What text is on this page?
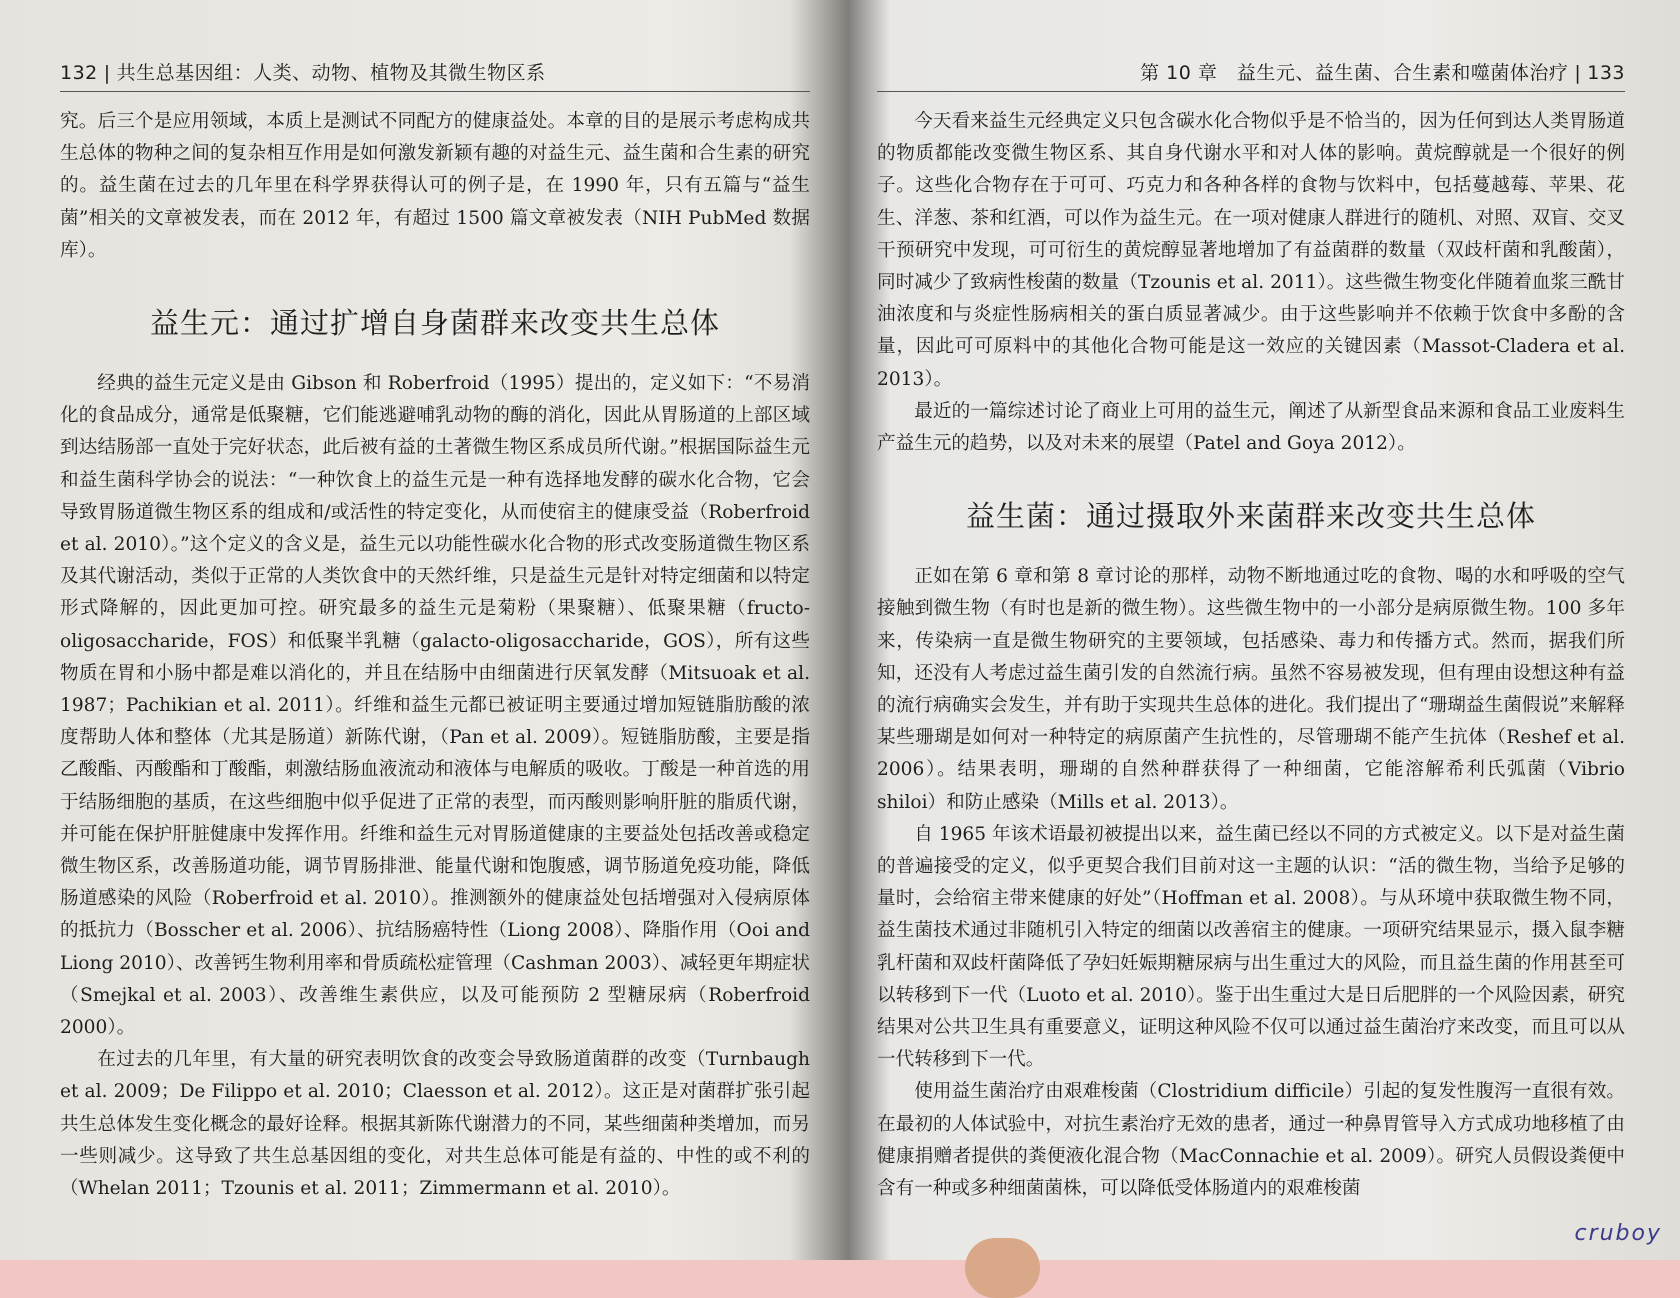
132 | 共生总基因组：人类、动物、植物及其微生物区系

究。后三个是应用领域，本质上是测试不同配方的健康益处。本章的目的是展示考虑构成共生总体的物种之间的复杂相互作用是如何激发新颖有趣的对益生元、益生菌和合生素的研究的。益生菌在过去的几年里在科学界获得认可的例子是，在 1990 年，只有五篇与“益生菌”相关的文章被发表，而在 2012 年，有超过 1500 篇文章被发表（NIH PubMed 数据库）。

益生元：通过扩增自身菌群来改变共生总体

经典的益生元定义是由 Gibson 和 Roberfroid（1995）提出的，定义如下：“不易消化的食品成分，通常是低聚糖，它们能逃避哺乳动物的酶的消化，因此从胃肠道的上部区域到达结肠部一直处于完好状态，此后被有益的土著微生物区系成员所代谢。”根据国际益生元和益生菌科学协会的说法：“一种饮食上的益生元是一种有选择地发酵的碳水化合物，它会导致胃肠道微生物区系的组成和/或活性的特定变化，从而使宿主的健康受益（Roberfroid et al. 2010）。”这个定义的含义是，益生元以功能性碳水化合物的形式改变肠道微生物区系及其代谢活动，类似于正常的人类饮食中的天然纤维，只是益生元是针对特定细菌和以特定形式降解的，因此更加可控。研究最多的益生元是菊粉（果聚糖）、低聚果糖（fructo-oligosaccharide，FOS）和低聚半乳糖（galacto-oligosaccharide，GOS），所有这些物质在胃和小肠中都是难以消化的，并且在结肠中由细菌进行厌氧发酵（Mitsuoak et al. 1987；Pachikian et al. 2011）。纤维和益生元都已被证明主要通过增加短链脂肪酸的浓度帮助人体和整体（尤其是肠道）新陈代谢，（Pan et al. 2009）。短链脂肪酸，主要是指乙酸酯、丙酸酯和丁酸酯，刺激结肠血液流动和液体与电解质的吸收。丁酸是一种首选的用于结肠细胞的基质，在这些细胞中似乎促进了正常的表型，而丙酸则影响肝脏的脂质代谢，并可能在保护肝脏健康中发挥作用。纤维和益生元对胃肠道健康的主要益处包括改善或稳定微生物区系，改善肠道功能，调节胃肠排泄、能量代谢和饱腹感，调节肠道免疫功能，降低肠道感染的风险（Roberfroid et al. 2010）。推测额外的健康益处包括增强对入侵病原体的抵抗力（Bosscher et al. 2006）、抗结肠癌特性（Liong 2008）、降脂作用（Ooi and Liong 2010）、改善钙生物利用率和骨质疏松症管理（Cashman 2003）、减轻更年期症状（Smejkal et al. 2003）、改善维生素供应，以及可能预防 2 型糖尿病（Roberfroid 2000）。

在过去的几年里，有大量的研究表明饮食的改变会导致肠道菌群的改变（Turnbaugh et al. 2009；De Filippo et al. 2010；Claesson et al. 2012）。这正是对菌群扩张引起共生总体发生变化概念的最好诠释。根据其新陈代谢潜力的不同，某些细菌种类增加，而另一些则减少。这导致了共生总基因组的变化，对共生总体可能是有益的、中性的或不利的（Whelan 2011；Tzounis et al. 2011；Zimmermann et al. 2010）。

第 10 章　益生元、益生菌、合生素和噬菌体治疗 | 133

今天看来益生元经典定义只包含碳水化合物似乎是不恰当的，因为任何到达人类胃肠道的物质都能改变微生物区系、其自身代谢水平和对人体的影响。黄烷醇就是一个很好的例子。这些化合物存在于可可、巧克力和各种各样的食物与饮料中，包括蔓越莓、苹果、花生、洋葱、茶和红酒，可以作为益生元。在一项对健康人群进行的随机、对照、双盲、交叉干预研究中发现，可可衍生的黄烷醇显著地增加了有益菌群的数量（双歧杆菌和乳酸菌），同时减少了致病性梭菌的数量（Tzounis et al. 2011）。这些微生物变化伴随着血浆三酰甘油浓度和与炎症性肠病相关的蛋白质显著减少。由于这些影响并不依赖于饮食中多酚的含量，因此可可原料中的其他化合物可能是这一效应的关键因素（Massot-Cladera et al. 2013）。

最近的一篇综述讨论了商业上可用的益生元，阐述了从新型食品来源和食品工业废料生产益生元的趋势，以及对未来的展望（Patel and Goya 2012）。

益生菌：通过摄取外来菌群来改变共生总体

正如在第 6 章和第 8 章讨论的那样，动物不断地通过吃的食物、喝的水和呼吸的空气接触到微生物（有时也是新的微生物）。这些微生物中的一小部分是病原微生物。100 多年来，传染病一直是微生物研究的主要领域，包括感染、毒力和传播方式。然而，据我们所知，还没有人考虑过益生菌引发的自然流行病。虽然不容易被发现，但有理由设想这种有益的流行病确实会发生，并有助于实现共生总体的进化。我们提出了“珊瑚益生菌假说”来解释某些珊瑚是如何对一种特定的病原菌产生抗性的，尽管珊瑚不能产生抗体（Reshef et al. 2006）。结果表明，珊瑚的自然种群获得了一种细菌，它能溶解希利氏弧菌（Vibrio shiloi）和防止感染（Mills et al. 2013）。

自 1965 年该术语最初被提出以来，益生菌已经以不同的方式被定义。以下是对益生菌的普遍接受的定义，似乎更契合我们目前对这一主题的认识：“活的微生物，当给予足够的量时，会给宿主带来健康的好处”（Hoffman et al. 2008）。与从环境中获取微生物不同，益生菌技术通过非随机引入特定的细菌以改善宿主的健康。一项研究结果显示，摄入鼠李糖乳杆菌和双歧杆菌降低了孕妇妊娠期糖尿病与出生重过大的风险，而且益生菌的作用甚至可以转移到下一代（Luoto et al. 2010）。鉴于出生重过大是日后肥胖的一个风险因素，研究结果对公共卫生具有重要意义，证明这种风险不仅可以通过益生菌治疗来改变，而且可以从一代转移到下一代。

使用益生菌治疗由艰难梭菌（Clostridium difficile）引起的复发性腹泻一直很有效。在最初的人体试验中，对抗生素治疗无效的患者，通过一种鼻胃管导入方式成功地移植了由健康捐赠者提供的粪便液化混合物（MacConnachie et al. 2009）。研究人员假设粪便中含有一种或多种细菌菌株，可以降低受体肠道内的艰难梭菌

cruboy
